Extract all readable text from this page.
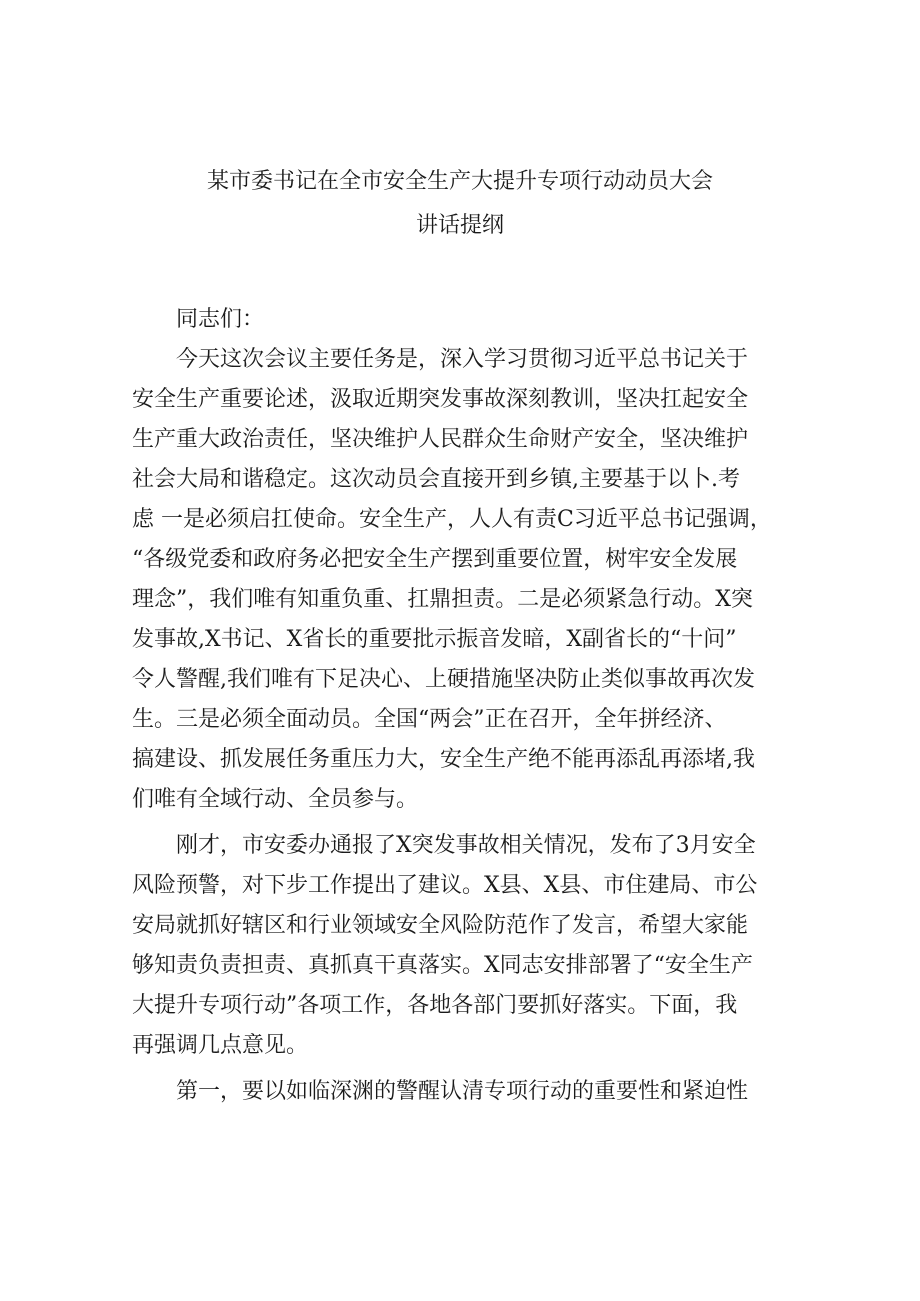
某市委书记在全市安全生产大提升专项行动动员大会
讲话提纲
同志们：
今天这次会议主要任务是，深入学习贯彻习近平总书记关于
安全生产重要论述，汲取近期突发事故深刻教训，坚决扛起安全
生产重大政治责任，坚决维护人民群众生命财产安全，坚决维护
社会大局和谐稳定。这次动员会直接开到乡镇,主要基于以卜.考
虑 一是必须启扛使命。安全生产，人人有责C习近平总书记强调，
“各级党委和政府务必把安全生产摆到重要位置，树牢安全发展
理念”，我们唯有知重负重、扛鼎担责。二是必须紧急行动。X突
发事故,X书记、X省长的重要批示振音发暗，X副省长的“十问”
令人警醒,我们唯有下足决心、上硬措施坚决防止类似事故再次发
生。三是必须全面动员。全国“两会”正在召开，全年拼经济、
搞建设、抓发展任务重压力大，安全生产绝不能再添乱再添堵,我
们唯有全域行动、全员参与。
刚才，市安委办通报了X突发事故相关情况，发布了3月安全
风险预警，对下步工作提出了建议。X县、X县、市住建局、市公
安局就抓好辖区和行业领域安全风险防范作了发言，希望大家能
够知责负责担责、真抓真干真落实。X同志安排部署了“安全生产
大提升专项行动”各项工作，各地各部门要抓好落实。下面，我
再强调几点意见。
第一，要以如临深渊的警醒认清专项行动的重要性和紧迫性
